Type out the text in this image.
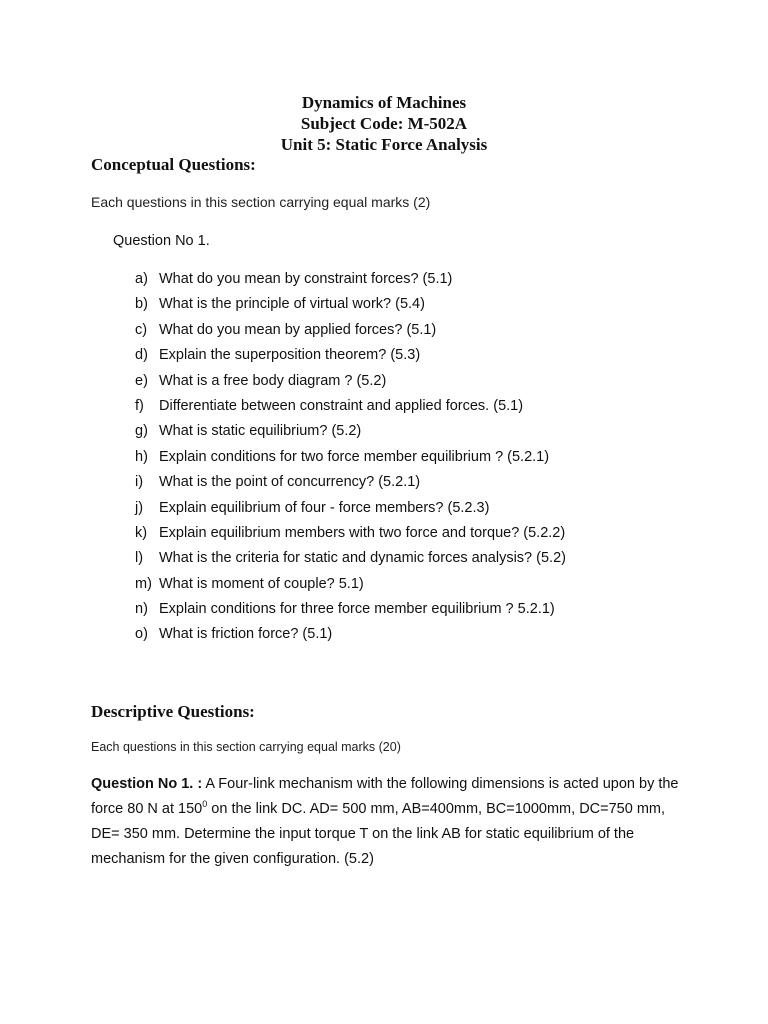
Dynamics of Machines
Subject Code: M-502A
Unit 5: Static Force Analysis
Conceptual Questions:
Each questions in this section carrying equal marks (2)
Question No 1.
a) What do you mean by constraint forces? (5.1)
b) What is the principle of virtual work? (5.4)
c) What do you mean by applied forces? (5.1)
d) Explain the superposition theorem? (5.3)
e) What is a free body diagram ? (5.2)
f) Differentiate between constraint and applied forces. (5.1)
g) What is static equilibrium? (5.2)
h) Explain conditions for two force member equilibrium ? (5.2.1)
i) What is the point of concurrency? (5.2.1)
j) Explain equilibrium of four - force members? (5.2.3)
k) Explain equilibrium members with two force and torque? (5.2.2)
l) What is the criteria for static and dynamic forces analysis? (5.2)
m) What is moment of couple? 5.1)
n) Explain conditions for three force member equilibrium ? 5.2.1)
o) What is friction force? (5.1)
Descriptive Questions:
Each questions in this section carrying equal marks (20)
Question No 1. : A Four-link mechanism with the following dimensions is acted upon by the force 80 N at $150^0$ on the link DC. AD= 500 mm, AB=400mm, BC=1000mm, DC=750 mm, DE= 350 mm. Determine the input torque T on the link AB for static equilibrium of the mechanism for the given configuration. (5.2)
